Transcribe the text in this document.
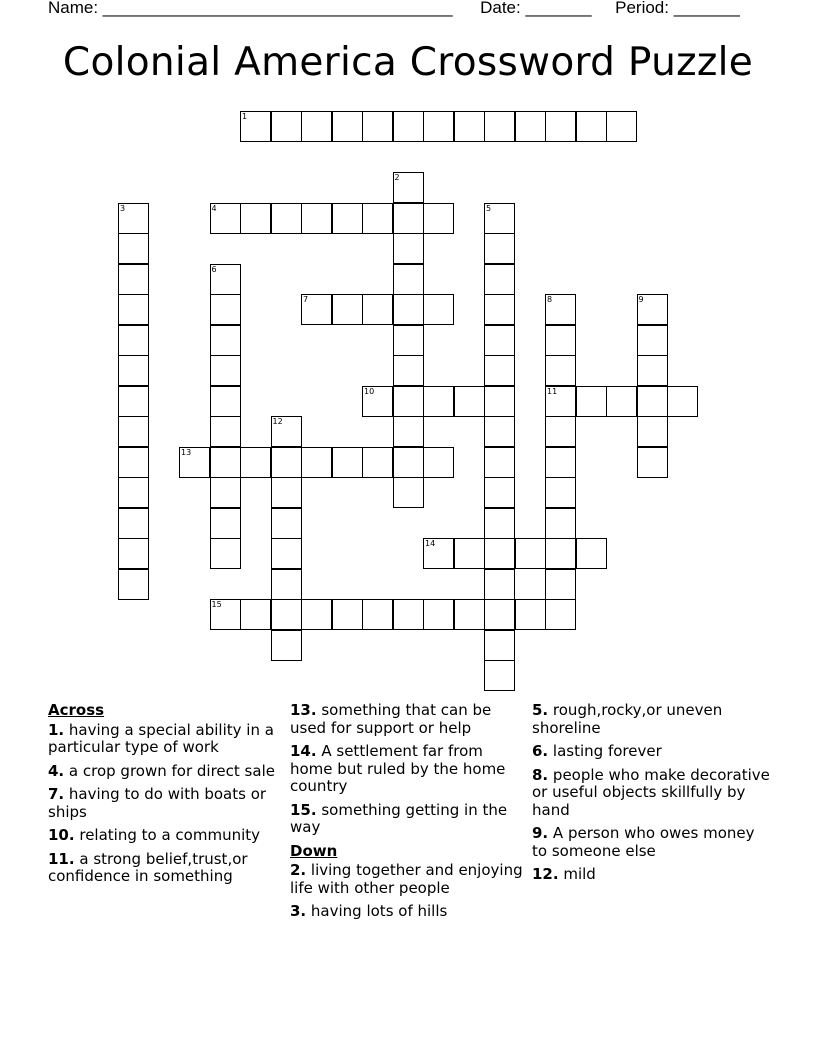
Name: _____________________________________ Date: _______ Period: _______
Colonial America Crossword Puzzle
1
4
7
10	11
13
14
15
2
3	5
6
8	9
12
Across
1. having a special ability in a particular type of work
4. a crop grown for direct sale
7. having to do with boats or ships
10. relating to a community
11. a strong belief,trust,or confidence in something
13. something that can be used for support or help
14. A settlement far from home but ruled by the home country
15. something getting in the way
Down
2. living together and enjoying life with other people
3. having lots of hills
5. rough,rocky,or uneven shoreline
6. lasting forever
8. people who make decorative or useful objects skillfully by hand
9. A person who owes money to someone else
12. mild
